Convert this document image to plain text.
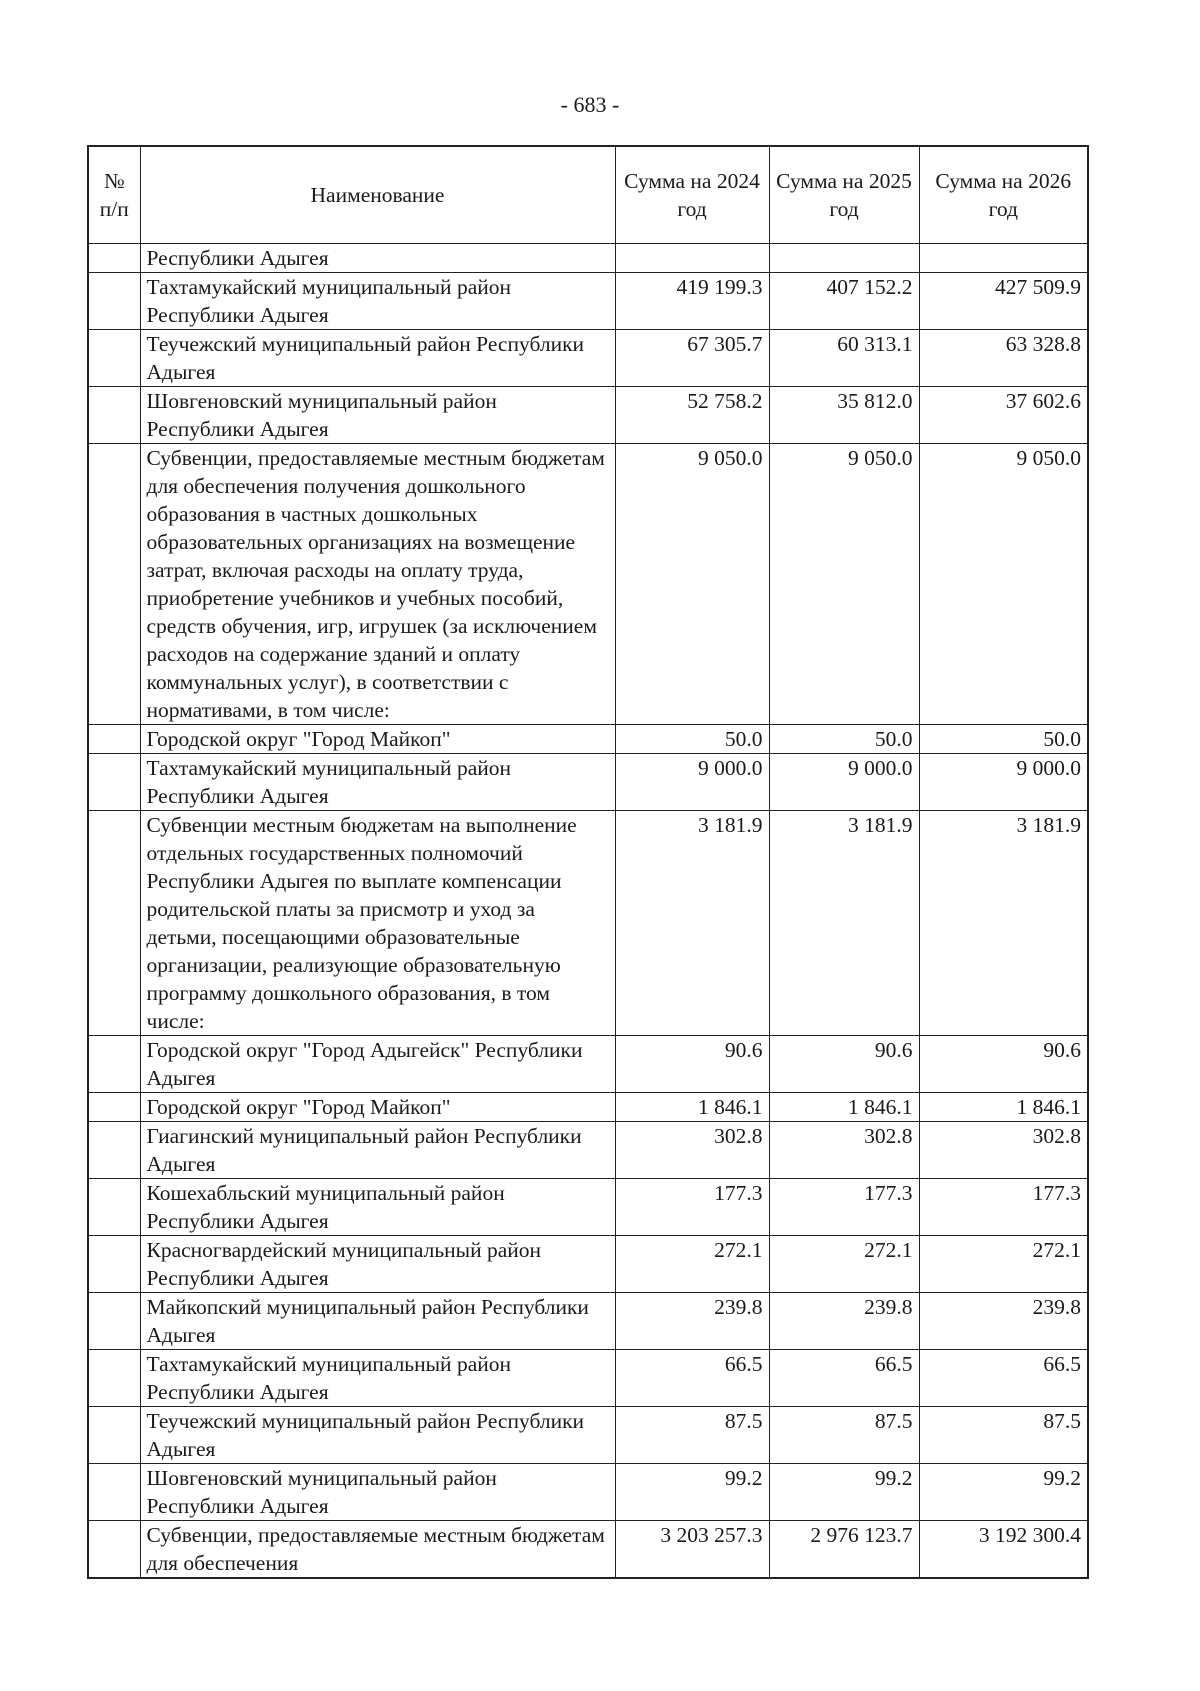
- 683 -
№ п/п	Наименование	Сумма на 2024 год	Сумма на 2025 год	Сумма на 2026 год
	Республики Адыгея			
	Тахтамукайский муниципальный район Республики Адыгея	419 199.3	407 152.2	427 509.9
	Теучежский муниципальный район Республики Адыгея	67 305.7	60 313.1	63 328.8
	Шовгеновский муниципальный район Республики Адыгея	52 758.2	35 812.0	37 602.6
	Субвенции, предоставляемые местным бюджетам для обеспечения получения дошкольного образования в частных дошкольных образовательных организациях на возмещение затрат, включая расходы на оплату труда, приобретение учебников и учебных пособий, средств обучения, игр, игрушек (за исключением расходов на содержание зданий и оплату коммунальных услуг), в соответствии с нормативами, в том числе:	9 050.0	9 050.0	9 050.0
	Городской округ "Город Майкоп"	50.0	50.0	50.0
	Тахтамукайский муниципальный район Республики Адыгея	9 000.0	9 000.0	9 000.0
	Субвенции местным бюджетам на выполнение отдельных государственных полномочий Республики Адыгея по выплате компенсации родительской платы за присмотр и уход за детьми, посещающими образовательные организации, реализующие образовательную программу дошкольного образования, в том числе:	3 181.9	3 181.9	3 181.9
	Городской округ "Город Адыгейск" Республики Адыгея	90.6	90.6	90.6
	Городской округ "Город Майкоп"	1 846.1	1 846.1	1 846.1
	Гиагинский муниципальный район Республики Адыгея	302.8	302.8	302.8
	Кошехабльский муниципальный район Республики Адыгея	177.3	177.3	177.3
	Красногвардейский муниципальный район Республики Адыгея	272.1	272.1	272.1
	Майкопский муниципальный район Республики Адыгея	239.8	239.8	239.8
	Тахтамукайский муниципальный район Республики Адыгея	66.5	66.5	66.5
	Теучежский муниципальный район Республики Адыгея	87.5	87.5	87.5
	Шовгеновский муниципальный район Республики Адыгея	99.2	99.2	99.2
	Субвенции, предоставляемые местным бюджетам для обеспечения	3 203 257.3	2 976 123.7	3 192 300.4
